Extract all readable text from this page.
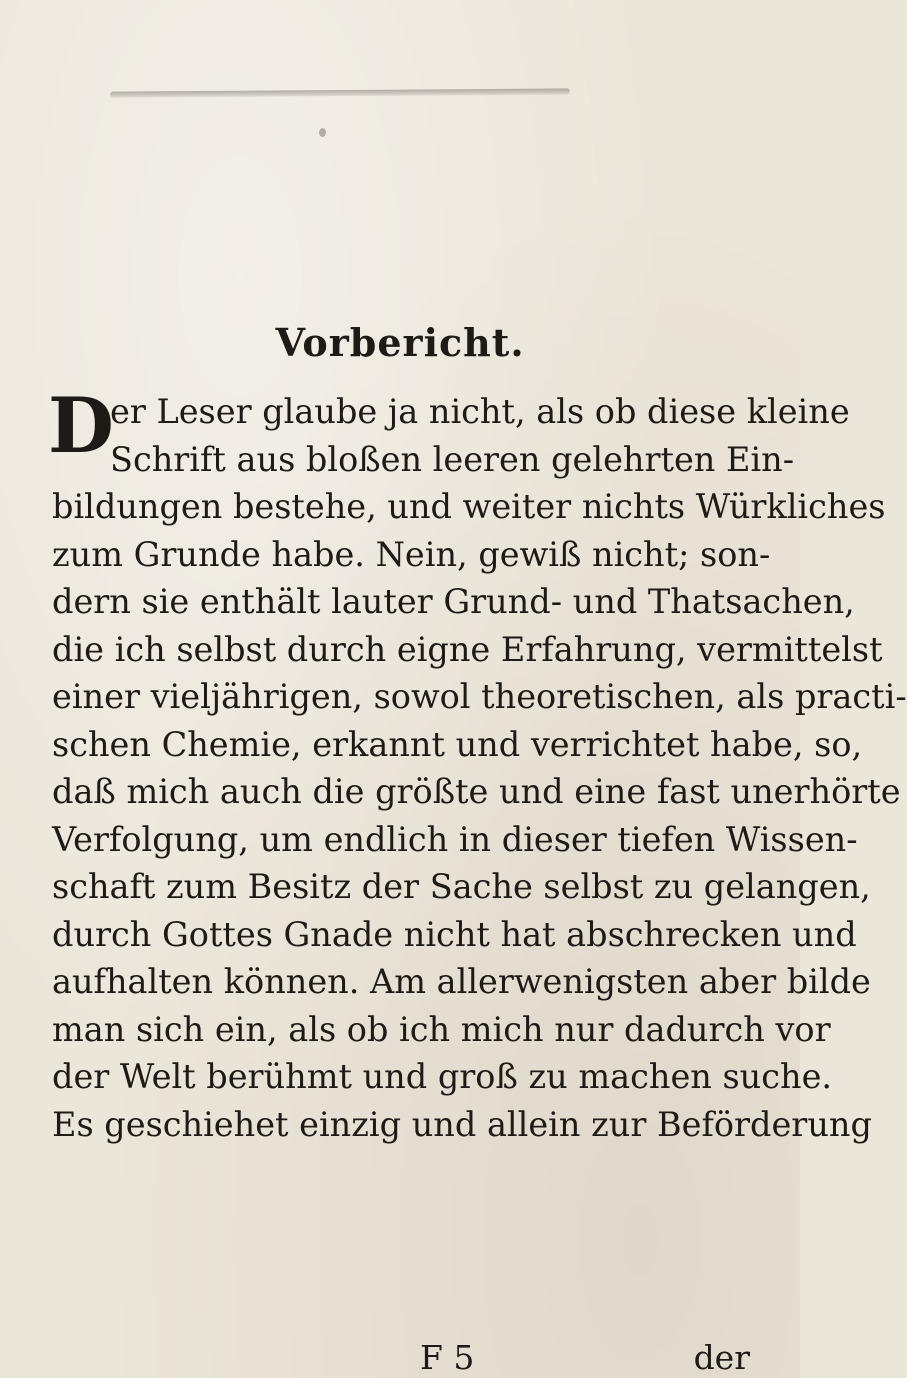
Vorbericht.
D
er Leser glaube ja nicht, als ob diese kleine
Schrift aus bloßen leeren gelehrten Ein-
bildungen bestehe, und weiter nichts Würkliches
zum Grunde habe. Nein, gewiß nicht; son-
dern sie enthält lauter Grund- und Thatsachen,
die ich selbst durch eigne Erfahrung, vermittelst
einer vieljährigen, sowol theoretischen, als practi-
schen Chemie, erkannt und verrichtet habe, so,
daß mich auch die größte und eine fast unerhörte
Verfolgung, um endlich in dieser tiefen Wissen-
schaft zum Besitz der Sache selbst zu gelangen,
durch Gottes Gnade nicht hat abschrecken und
aufhalten können. Am allerwenigsten aber bilde
man sich ein, als ob ich mich nur dadurch vor
der Welt berühmt und groß zu machen suche.
Es geschiehet einzig und allein zur Beförderung
F 5	der
